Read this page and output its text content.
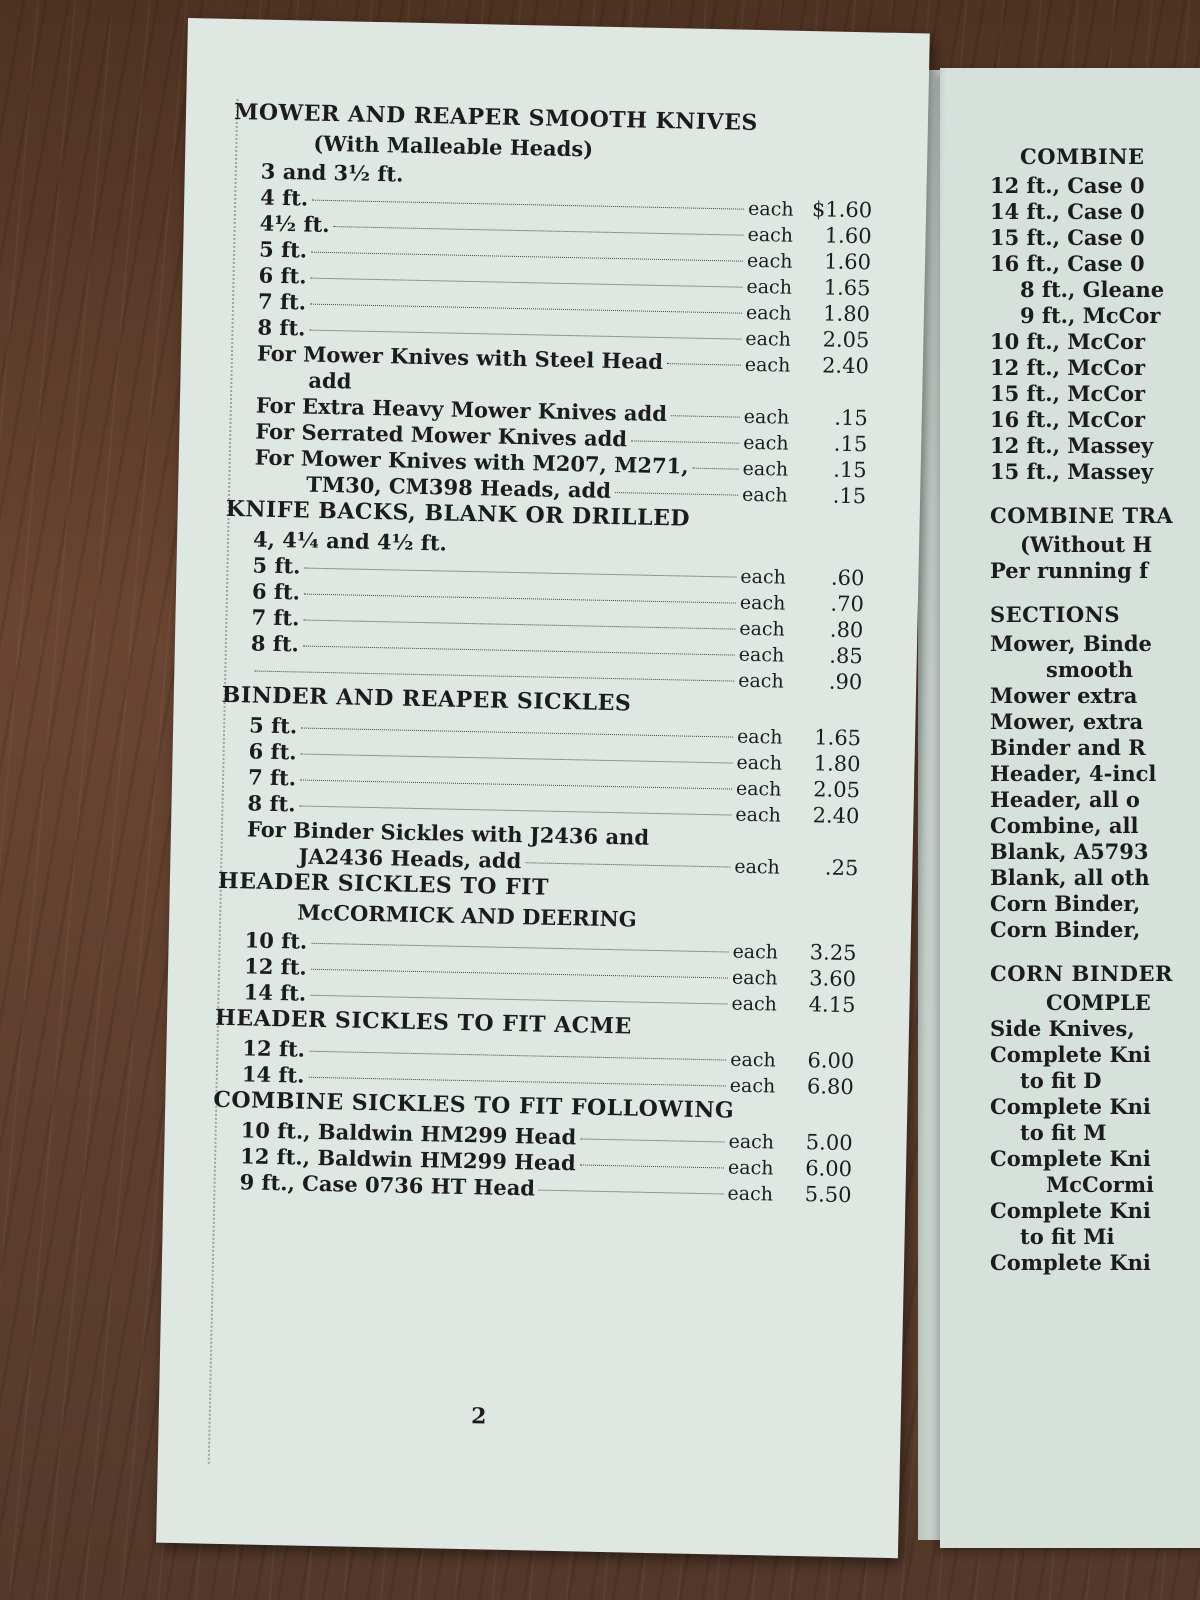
COMBINE
12 ft., Case 0
14 ft., Case 0
15 ft., Case 0
16 ft., Case 0
8 ft., Gleane
9 ft., McCor
10 ft., McCor
12 ft., McCor
15 ft., McCor
16 ft., McCor
12 ft., Massey
15 ft., Massey
COMBINE TRA
(Without H
Per running f
SECTIONS
Mower, Binde
smooth
Mower extra
Mower, extra
Binder and R
Header, 4-incl
Header, all o
Combine, all
Blank, A5793
Blank, all oth
Corn Binder,
Corn Binder,
CORN BINDER
COMPLE
Side Knives,
Complete Kni
to fit D
Complete Kni
to fit M
Complete Kni
McCormi
Complete Kni
to fit Mi
Complete Kni
MOWER AND REAPER SMOOTH KNIVES
(With Malleable Heads)
3 and 3½ ft.
4 ft.	each $1.60
4½ ft.	each	1.60
5 ft.	each	1.60
6 ft.	each	1.65
7 ft.	each	1.80
8 ft.	each	2.05
For Mower Knives with Steel Head	each	2.40
add
For Extra Heavy Mower Knives add	each	.15
For Serrated Mower Knives add	each	.15
For Mower Knives with M207, M271,	each	.15
TM30, CM398 Heads, add	each	.15
KNIFE BACKS, BLANK OR DRILLED
4, 4¼ and 4½ ft.
5 ft.	each	.60
6 ft.	each	.70
7 ft.	each	.80
8 ft.	each	.85
each	.90
BINDER AND REAPER SICKLES
5 ft.	each	1.65
6 ft.	each	1.80
7 ft.	each	2.05
8 ft.	each	2.40
For Binder Sickles with J2436 and
JA2436 Heads, add	each	.25
HEADER SICKLES TO FIT
McCORMICK AND DEERING
10 ft.	each	3.25
12 ft.	each	3.60
14 ft.	each	4.15
HEADER SICKLES TO FIT ACME
12 ft.	each	6.00
14 ft.	each	6.80
COMBINE SICKLES TO FIT FOLLOWING
10 ft., Baldwin HM299 Head	each	5.00
12 ft., Baldwin HM299 Head	each	6.00
9 ft., Case 0736 HT Head	each	5.50
2
